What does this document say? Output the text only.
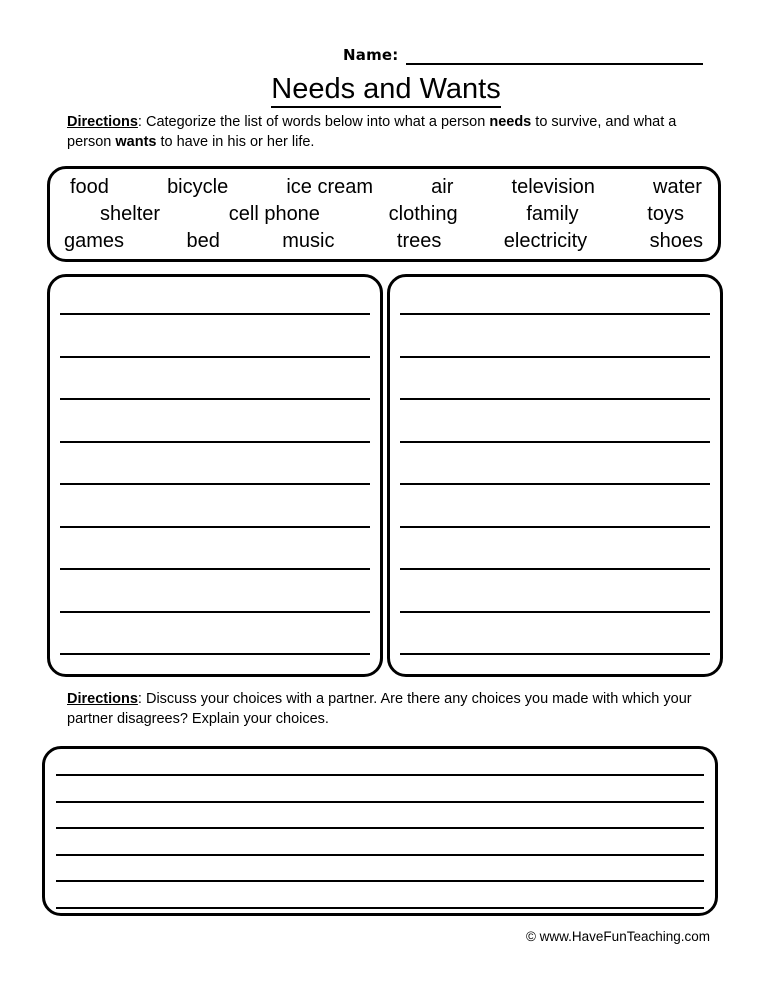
Name:
Needs and Wants
Directions: Categorize the list of words below into what a person needs to survive, and what a person wants to have in his or her life.
food	bicycle	ice cream	air	television	water
shelter	cell phone	clothing	family	toys
games	bed	music	trees	electricity	shoes
Directions: Discuss your choices with a partner. Are there any choices you made with which your partner disagrees? Explain your choices.
© www.HaveFunTeaching.com
